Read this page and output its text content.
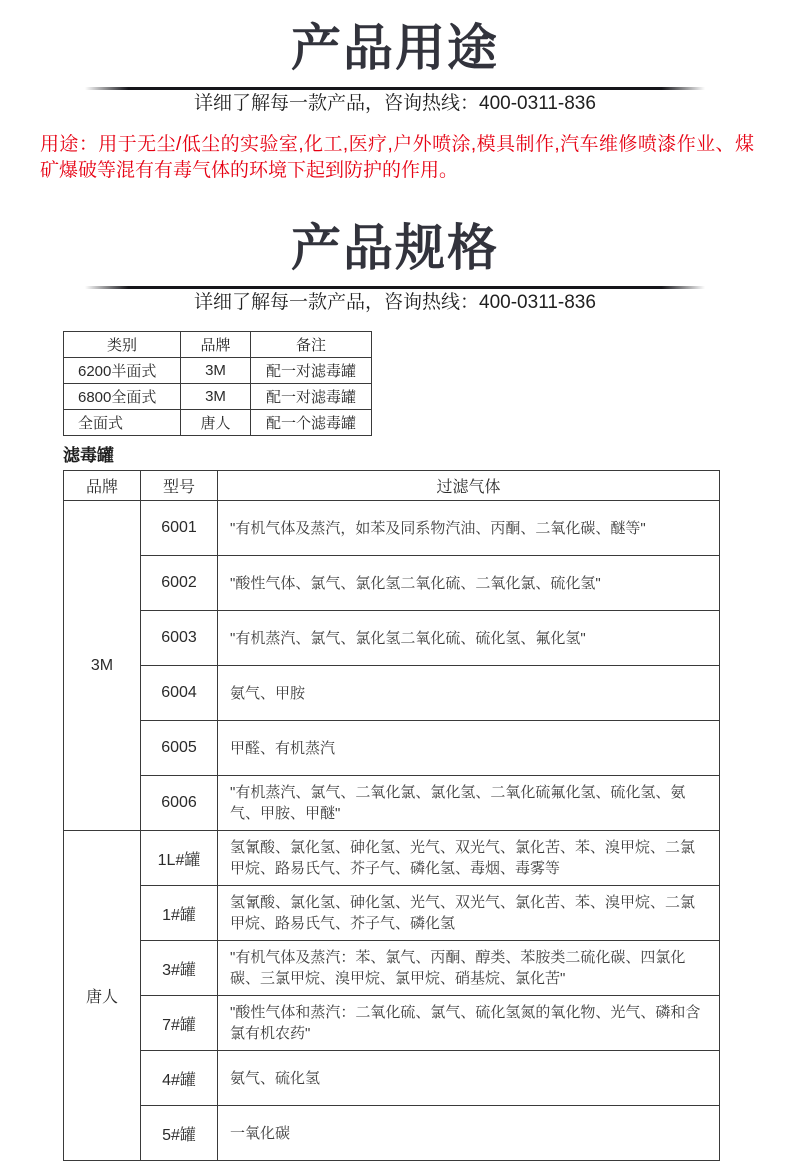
产品用途
详细了解每一款产品，咨询热线：400-0311-836
用途：用于无尘/低尘的实验室,化工,医疗,户外喷涂,模具制作,汽车维修喷漆作业、煤矿爆破等混有有毒气体的环境下起到防护的作用。
产品规格
详细了解每一款产品，咨询热线：400-0311-836
类别	品牌	备注
6200半面式	3M	配一对滤毒罐
6800全面式	3M	配一对滤毒罐
全面式	唐人	配一个滤毒罐
滤毒罐
品牌	型号	过滤气体
3M	6001	"有机气体及蒸汽，如苯及同系物汽油、丙酮、二氧化碳、醚等"
	6002	"酸性气体、氯气、氯化氢二氧化硫、二氧化氯、硫化氢"
	6003	"有机蒸汽、氯气、氯化氢二氧化硫、硫化氢、氟化氢"
	6004	氨气、甲胺
	6005	甲醛、有机蒸汽
	6006	"有机蒸汽、氯气、二氧化氯、氯化氢、二氧化硫氟化氢、硫化氢、氨气、甲胺、甲醚"
唐人	1L#罐	氢氰酸、氯化氢、砷化氢、光气、双光气、氯化苦、苯、溴甲烷、二氯甲烷、路易氏气、芥子气、磷化氢、毒烟、毒雾等
	1#罐	氢氰酸、氯化氢、砷化氢、光气、双光气、氯化苦、苯、溴甲烷、二氯甲烷、路易氏气、芥子气、磷化氢
	3#罐	"有机气体及蒸汽：苯、氯气、丙酮、醇类、苯胺类二硫化碳、四氯化碳、三氯甲烷、溴甲烷、氯甲烷、硝基烷、氯化苦"
	7#罐	"酸性气体和蒸汽：二氧化硫、氯气、硫化氢氮的氧化物、光气、磷和含氯有机农药"
	4#罐	氨气、硫化氢
	5#罐	一氧化碳
